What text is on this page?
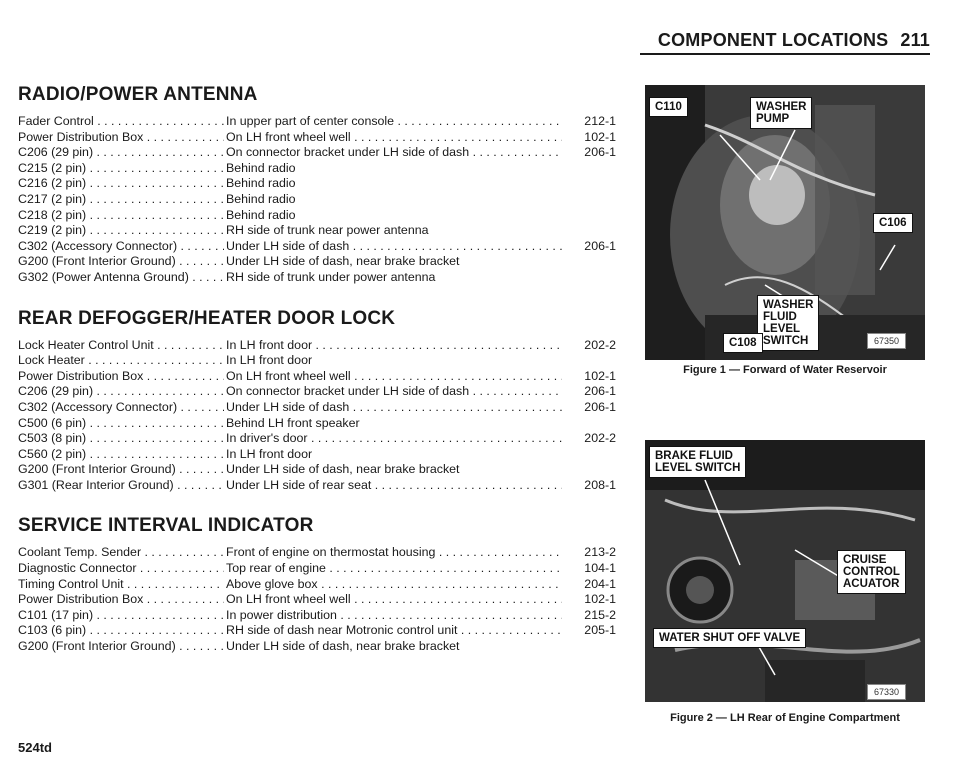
COMPONENT LOCATIONS 211
RADIO/POWER ANTENNA
Fader Control . . .	In upper part of center console . . .	212-1
Power Distribution Box . . .	On LH front wheel well . . .	102-1
C206 (29 pin) . . .	On connector bracket under LH side of dash . . .	206-1
C215 (2 pin) . . .	Behind radio
C216 (2 pin) . . .	Behind radio
C217 (2 pin) . . .	Behind radio
C218 (2 pin) . . .	Behind radio
C219 (2 pin) . . .	RH side of trunk near power antenna
C302 (Accessory Connector) . . .	Under LH side of dash . . .	206-1
G200 (Front Interior Ground) . . .	Under LH side of dash, near brake bracket
G302 (Power Antenna Ground) . . .	RH side of trunk under power antenna
REAR DEFOGGER/HEATER DOOR LOCK
Lock Heater Control Unit . . .	In LH front door . . .	202-2
Lock Heater . . .	In LH front door
Power Distribution Box . . .	On LH front wheel well . . .	102-1
C206 (29 pin) . . .	On connector bracket under LH side of dash . . .	206-1
C302 (Accessory Connector) . . .	Under LH side of dash . . .	206-1
C500 (6 pin) . . .	Behind LH front speaker
C503 (8 pin) . . .	In driver's door . . .	202-2
C560 (2 pin) . . .	In LH front door
G200 (Front Interior Ground) . . .	Under LH side of dash, near brake bracket
G301 (Rear Interior Ground) . . .	Under LH side of rear seat . . .	208-1
SERVICE INTERVAL INDICATOR
Coolant Temp. Sender . . .	Front of engine on thermostat housing . . .	213-2
Diagnostic Connector . . .	Top rear of engine . . .	104-1
Timing Control Unit . . .	Above glove box . . .	204-1
Power Distribution Box . . .	On LH front wheel well . . .	102-1
C101 (17 pin) . . .	In power distribution . . .	215-2
C103 (6 pin) . . .	RH side of dash near Motronic control unit . . .	205-1
G200 (Front Interior Ground) . . .	Under LH side of dash, near brake bracket
C110	WASHER
PUMP
C106
WASHER
FLUID
LEVEL
SWITCH
C108	67350
Figure 1 — Forward of Water Reservoir
BRAKE FLUID
LEVEL SWITCH
CRUISE
CONTROL
ACUATOR
WATER SHUT OFF VALVE
67330
Figure 2 — LH Rear of Engine Compartment
524td
